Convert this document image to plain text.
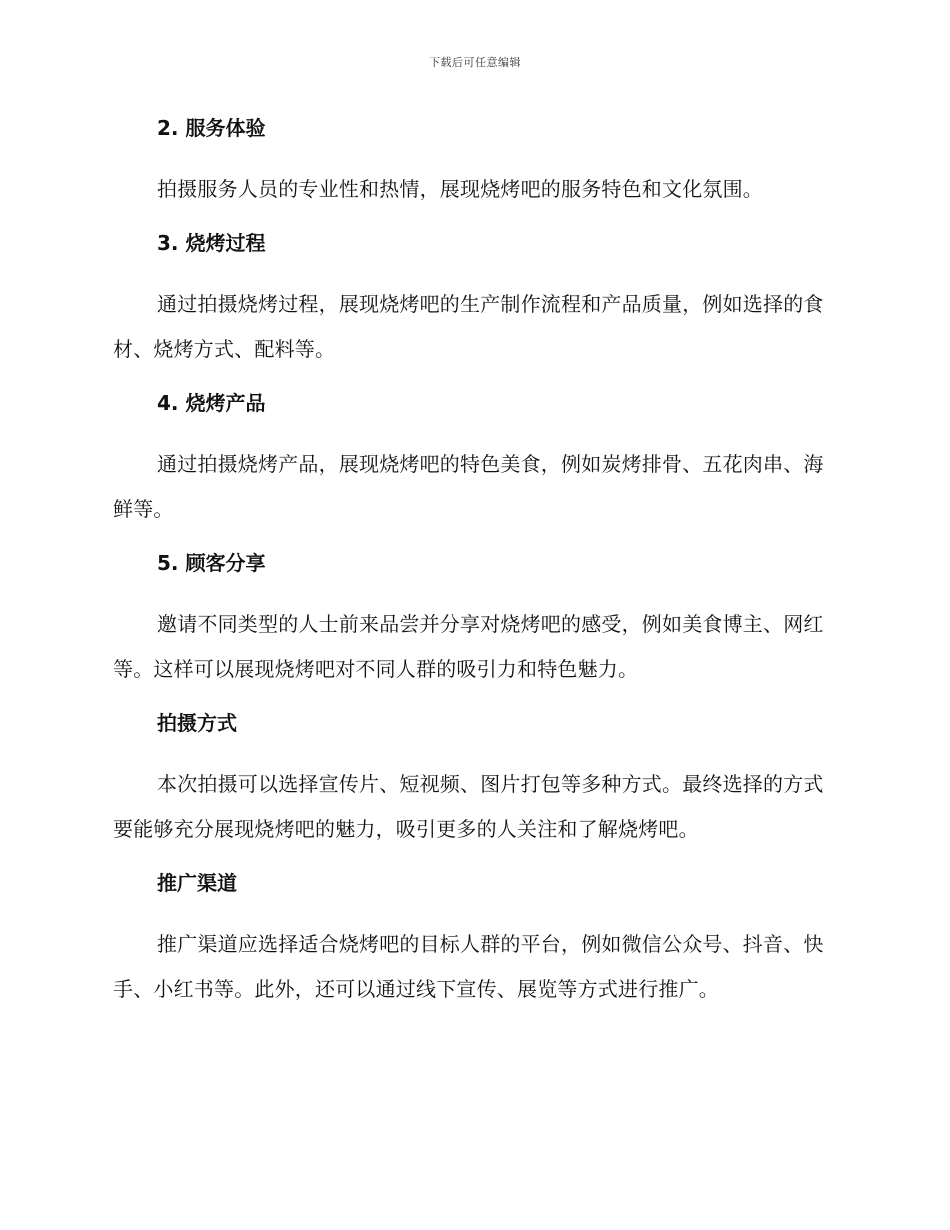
下载后可任意编辑
2. 服务体验

拍摄服务人员的专业性和热情，展现烧烤吧的服务特色和文化氛围。

3. 烧烤过程

通过拍摄烧烤过程，展现烧烤吧的生产制作流程和产品质量，例如选择的食材、烧烤方式、配料等。

4. 烧烤产品

通过拍摄烧烤产品，展现烧烤吧的特色美食，例如炭烤排骨、五花肉串、海鲜等。

5. 顾客分享

邀请不同类型的人士前来品尝并分享对烧烤吧的感受，例如美食博主、网红等。这样可以展现烧烤吧对不同人群的吸引力和特色魅力。

拍摄方式

本次拍摄可以选择宣传片、短视频、图片打包等多种方式。最终选择的方式要能够充分展现烧烤吧的魅力，吸引更多的人关注和了解烧烤吧。

推广渠道

推广渠道应选择适合烧烤吧的目标人群的平台，例如微信公众号、抖音、快手、小红书等。此外，还可以通过线下宣传、展览等方式进行推广。
